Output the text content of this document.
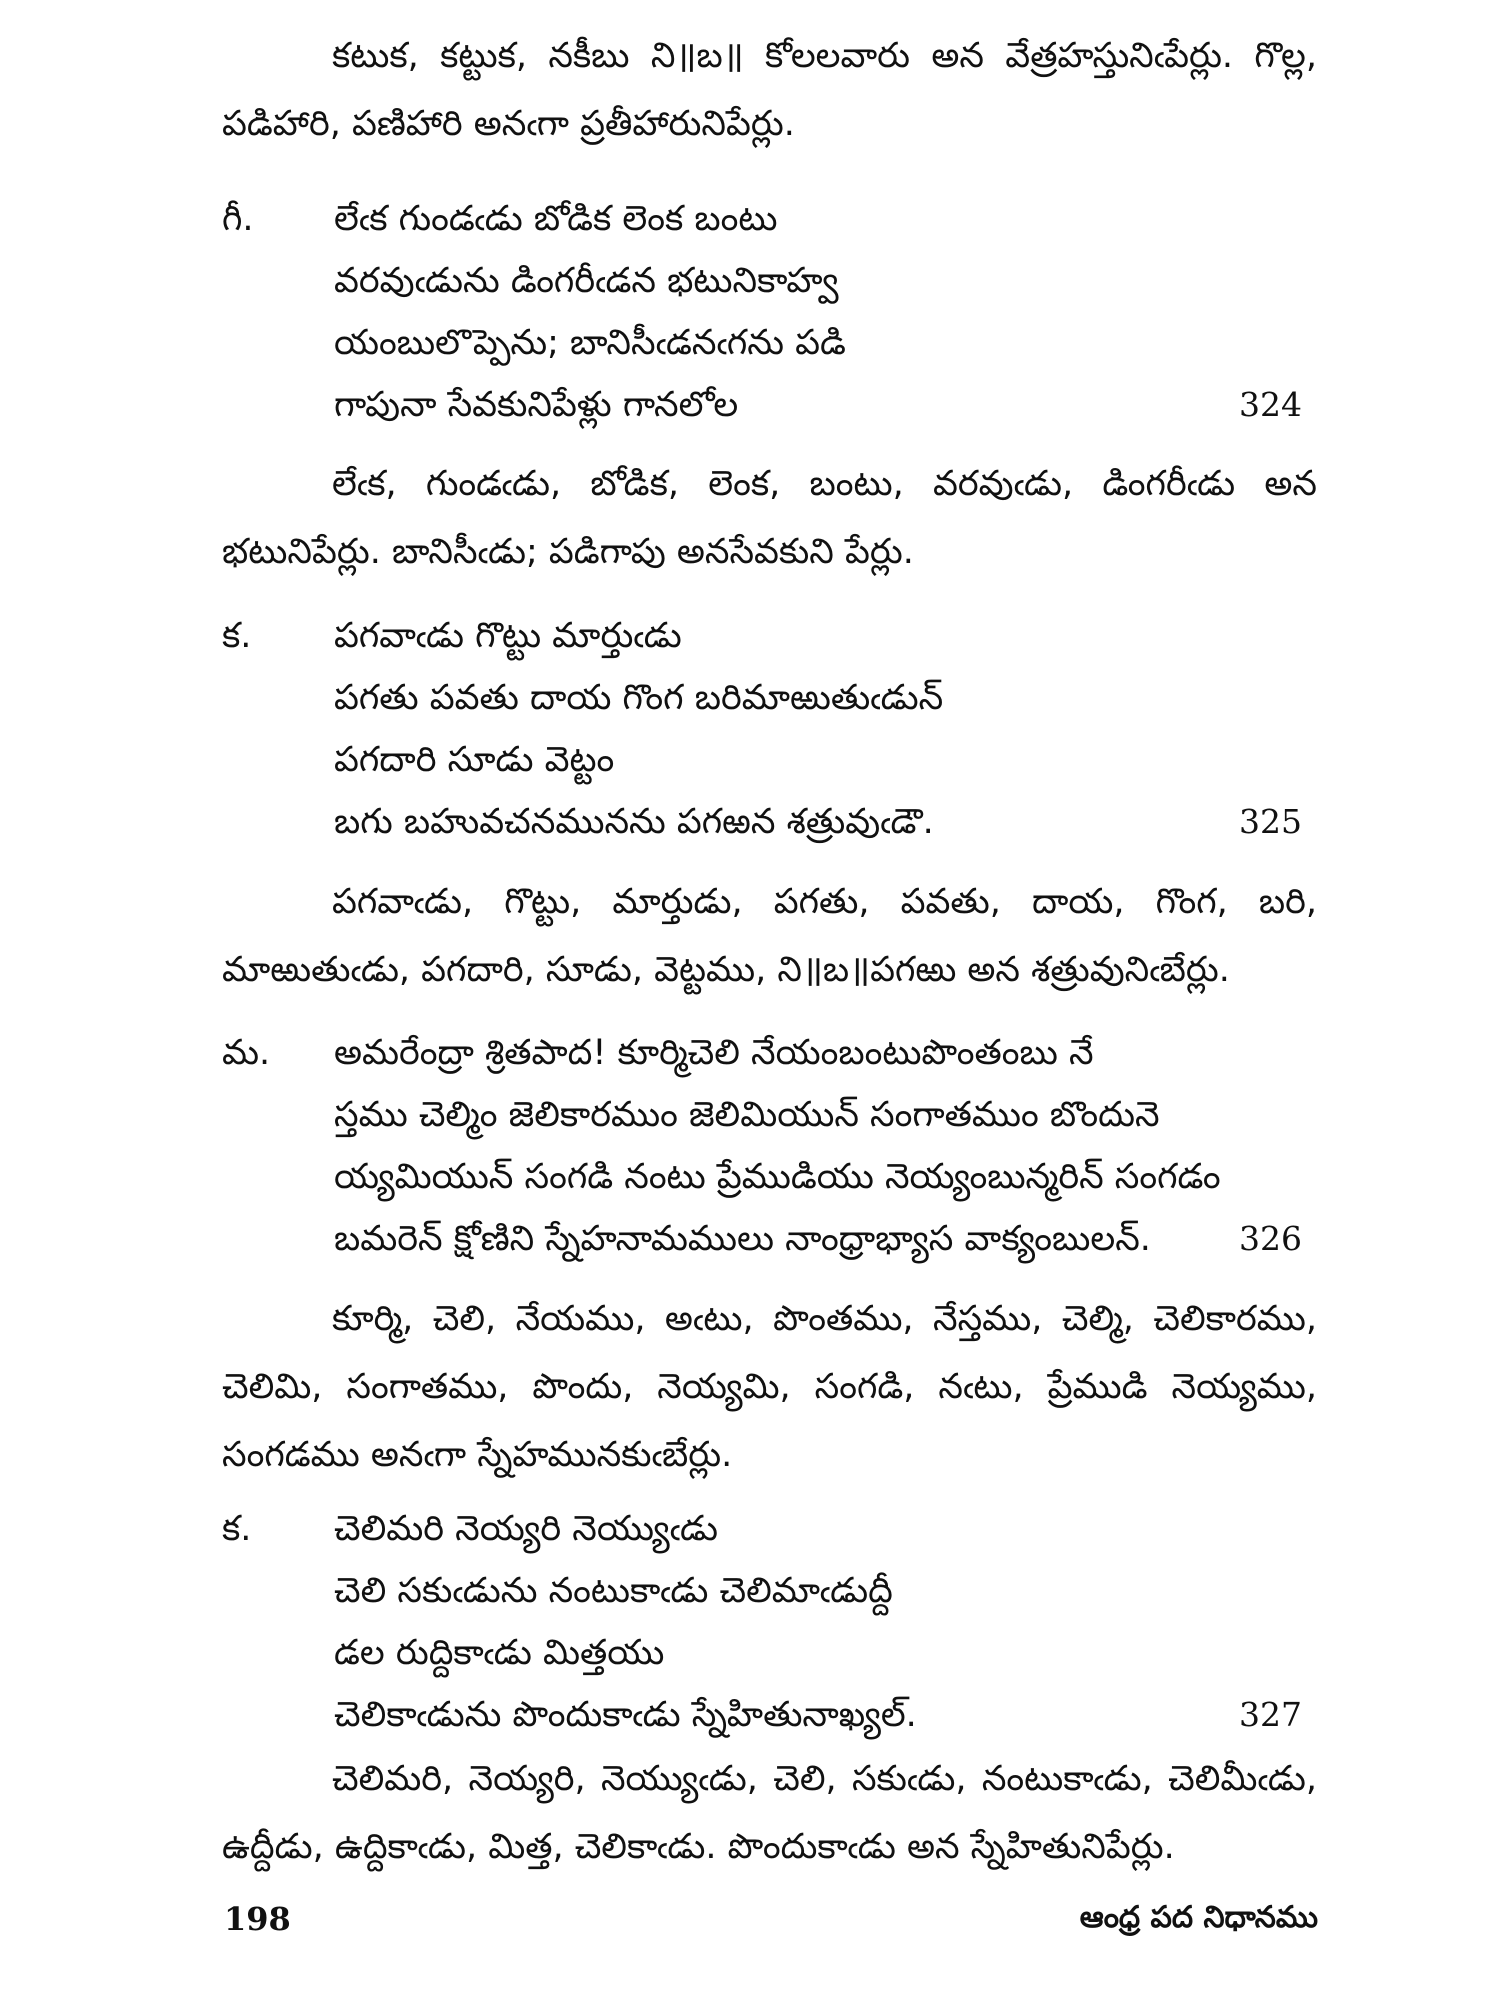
కటుక, కట్టుక, నకీబు ని॥బ॥ కోలలవారు అన వేత్రహస్తునిఁపేర్లు. గొల్ల, పడిహారి, పణిహారి అనఁగా ప్రతీహారునిపేర్లు.
గీ. లేఁక గుండఁడు బోడిక లెంక బంటు
వరవుఁడును డింగరీఁడన భటునికాహ్వ
యంబులొప్పెను; బానిసీఁడనఁగను పడి
గాపునా సేవకునిపేళ్లు గానలోల	324
లేఁక, గుండఁడు, బోడిక, లెంక, బంటు, వరవుఁడు, డింగరీఁడు అన భటునిపేర్లు. బానిసీఁడు; పడిగాపు అనసేవకుని పేర్లు.
క. పగవాఁడు గొట్టు మార్తుఁడు
పగతు పవతు దాయ గొంగ బరిమాఱుతుఁడున్
పగదారి సూడు వెట్టం
బగు బహువచనమునను పగఱన శత్రువుఁడౌ.	325
పగవాఁడు, గొట్టు, మార్తుడు, పగతు, పవతు, దాయ, గొంగ, బరి, మాఱుతుఁడు, పగదారి, సూడు, వెట్టము, ని॥బ॥పగఱు అన శత్రువునిఁబేర్లు.
మ. అమరేంద్రా శ్రితపాద! కూర్మిచెలి నేయంబంటుపొంతంబు నే
స్తము చెల్మిం జెలికారముం జెలిమియున్ సంగాతముం బొందునె
య్యమియున్ సంగడి నంటు ప్రేముడియు నెయ్యంబున్మరిన్ సంగడం
బమరెన్ క్షోణిని స్నేహనామములు నాంధ్రాభ్యాస వాక్యంబులన్.	326
కూర్మి, చెలి, నేయము, అఁటు, పొంతము, నేస్తము, చెల్మి, చెలికారము, చెలిమి, సంగాతము, పొందు, నెయ్యమి, సంగడి, నఁటు, ప్రేముడి నెయ్యము, సంగడము అనఁగా స్నేహమునకుఁబేర్లు.
క. చెలిమరి నెయ్యరి నెయ్యుఁడు
చెలి సకుఁడును నంటుకాఁడు చెలిమాఁడుద్దీ
డల రుద్దికాఁడు మిత్తయు
చెలికాఁడును పొందుకాఁడు స్నేహితునాఖ్యల్.	327
చెలిమరి, నెయ్యరి, నెయ్యుఁడు, చెలి, సకుఁడు, నంటుకాఁడు, చెలిమీఁడు, ఉద్దీడు, ఉద్దికాఁడు, మిత్త, చెలికాఁడు. పొందుకాఁడు అన స్నేహితునిపేర్లు.
198	ఆంధ్ర పద నిధానము
